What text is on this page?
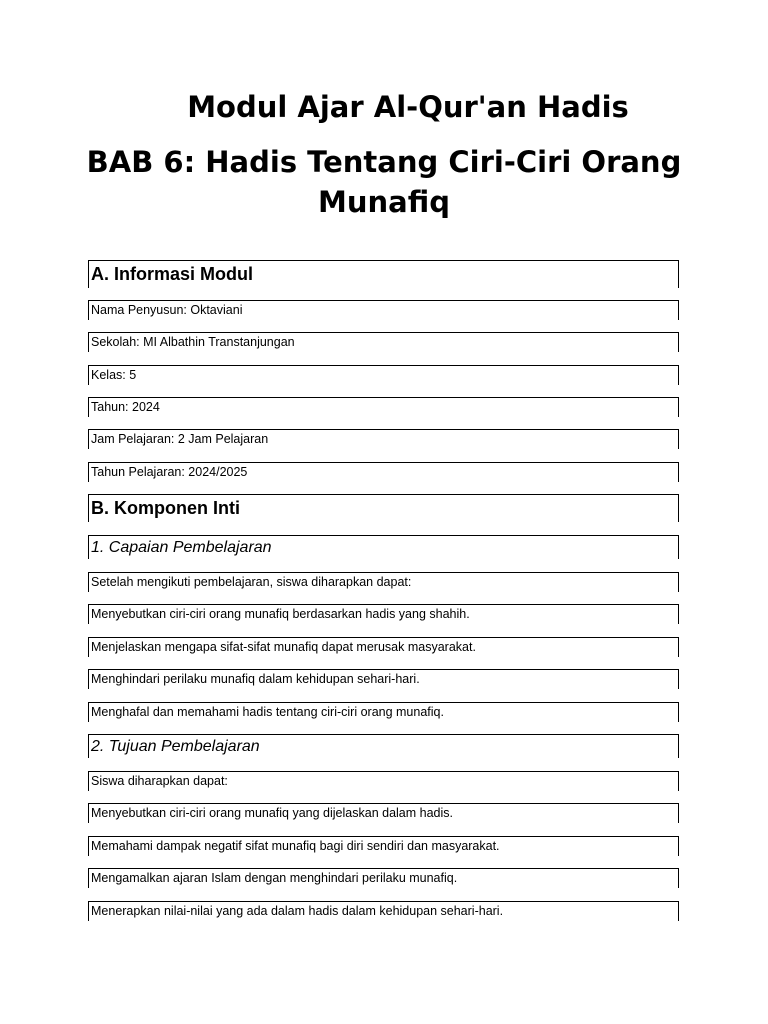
Modul Ajar Al-Qur'an Hadis
BAB 6: Hadis Tentang Ciri-Ciri Orang Munafiq
A. Informasi Modul
Nama Penyusun: Oktaviani
Sekolah: MI Albathin Transtanjungan
Kelas: 5
Tahun: 2024
Jam Pelajaran: 2 Jam Pelajaran
Tahun Pelajaran: 2024/2025
B. Komponen Inti
1. Capaian Pembelajaran
Setelah mengikuti pembelajaran, siswa diharapkan dapat:
Menyebutkan ciri-ciri orang munafiq berdasarkan hadis yang shahih.
Menjelaskan mengapa sifat-sifat munafiq dapat merusak masyarakat.
Menghindari perilaku munafiq dalam kehidupan sehari-hari.
Menghafal dan memahami hadis tentang ciri-ciri orang munafiq.
2. Tujuan Pembelajaran
Siswa diharapkan dapat:
Menyebutkan ciri-ciri orang munafiq yang dijelaskan dalam hadis.
Memahami dampak negatif sifat munafiq bagi diri sendiri dan masyarakat.
Mengamalkan ajaran Islam dengan menghindari perilaku munafiq.
Menerapkan nilai-nilai yang ada dalam hadis dalam kehidupan sehari-hari.
